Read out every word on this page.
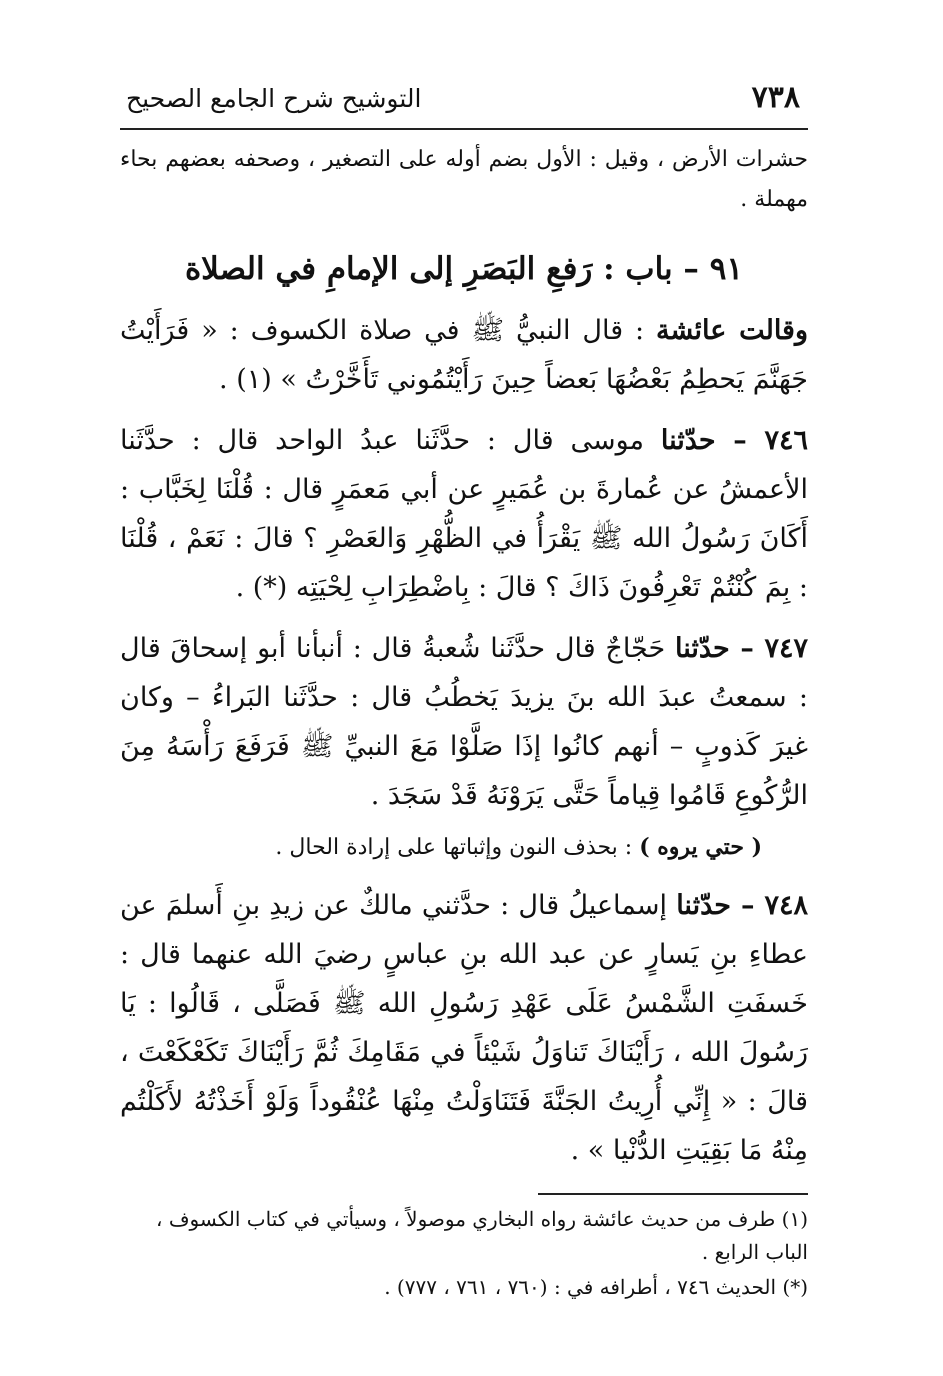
٧٣٨
التوشيح شرح الجامع الصحيح

حشرات الأرض ، وقيل : الأول بضم أوله على التصغير ، وصحفه بعضهم بحاء مهملة .

٩١ – باب : رَفعِ البَصَرِ إلى الإمامِ في الصلاة

وقالت عائشة : قال النبيُّ ﷺ في صلاة الكسوف : « فَرَأَيْتُ جَهَنَّمَ يَحطِمُ بَعْضُهَا بَعضاً حِينَ رَأَيْتُمُوني تَأَخَّرْتُ » (١) .

٧٤٦ – حدّثنا موسى قال : حدَّثَنا عبدُ الواحد قال : حدَّثَنا الأعمشُ عن عُمارةَ بن عُمَيرٍ عن أبي مَعمَرٍ قال : قُلْنَا لِخَبَّاب : أَكَانَ رَسُولُ الله ﷺ يَقْرَأُ في الظُّهْرِ وَالعَصْرِ ؟ قالَ : نَعَمْ ، قُلْنَا : بِمَ كُنْتُمْ تَعْرِفُونَ ذَاكَ ؟ قالَ : بِاضْطِرَابِ لِحْيَتِه (*) .

٧٤٧ – حدّثنا حَجّاجٌ قال حدَّثَنا شُعبةُ قال : أنبأنا أبو إسحاقَ قال : سمعتُ عبدَ الله بنَ يزيدَ يَخطُبُ قال : حدَّثَنا البَراءُ – وكان غيرَ كَذوبٍ – أنهم كانُوا إذَا صَلَّوْا مَعَ النبيِّ ﷺ فَرَفَعَ رَأْسَهُ مِنَ الرُّكُوعِ قَامُوا قِياماً حَتَّى يَرَوْنَهُ قَدْ سَجَدَ .

( حتي يروه ) : بحذف النون وإثباتها على إرادة الحال .

٧٤٨ – حدّثنا إسماعيلُ قال : حدَّثني مالكٌ عن زيدِ بنِ أَسلمَ عن عطاءِ بنِ يَسارٍ عن عبد الله بنِ عباسٍ رضيَ الله عنهما قال : خَسفَتِ الشَّمْسُ عَلَى عَهْدِ رَسُولِ الله ﷺ فَصَلَّى ، قَالُوا : يَا رَسُولَ الله ، رَأَيْنَاكَ تَناوَلُ شَيْئاً في مَقَامِكَ ثُمَّ رَأَيْنَاكَ تَكَعْكَعْتَ ، قالَ : « إِنِّي أُرِيتُ الجَنَّةَ فَتَنَاوَلْتُ مِنْهَا عُنْقُوداً وَلَوْ أَخَذْتُهُ لأَكَلْتُم مِنْهُ مَا بَقِيَتِ الدُّنْيا » .

(١) طرف من حديث عائشة رواه البخاري موصولاً ، وسيأتي في كتاب الكسوف ، الباب الرابع .
(*) الحديث ٧٤٦ ، أطرافه في : (٧٦٠ ، ٧٦١ ، ٧٧٧) .
